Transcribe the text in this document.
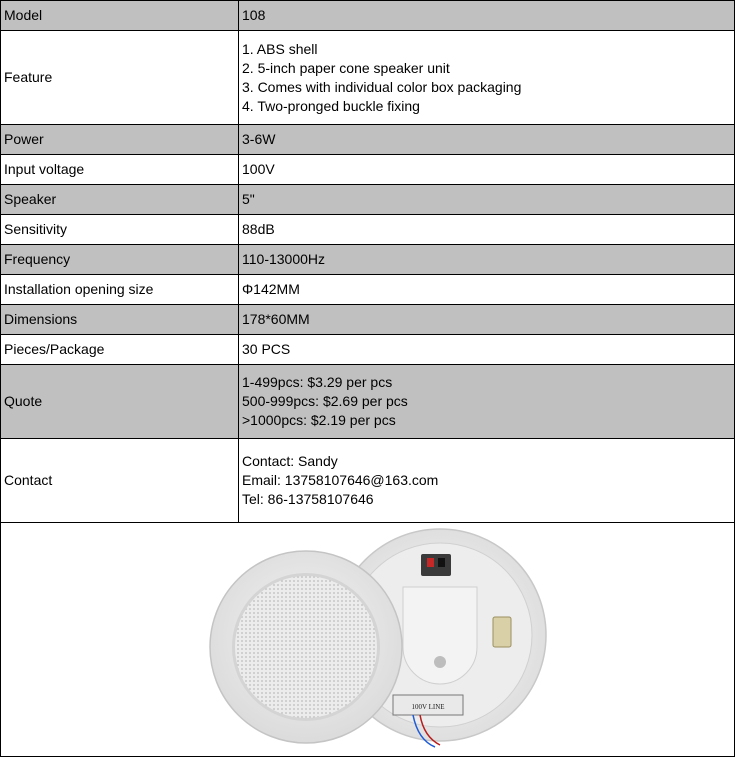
Model	108

Feature	1. ABS shell
2. 5-inch paper cone speaker unit
3. Comes with individual color box packaging
4. Two-pronged buckle fixing

Power	3-6W

Input voltage	100V

Speaker	5"

Sensitivity	88dB

Frequency	110-13000Hz

Installation opening size	Φ142MM

Dimensions	178*60MM

Pieces/Package	30 PCS

Quote	1-499pcs: $3.29 per pcs
500-999pcs: $2.69 per pcs
>1000pcs: $2.19 per pcs

Contact	Contact: Sandy
Email: 13758107646@163.com
Tel: 86-13758107646

100V LINE	
